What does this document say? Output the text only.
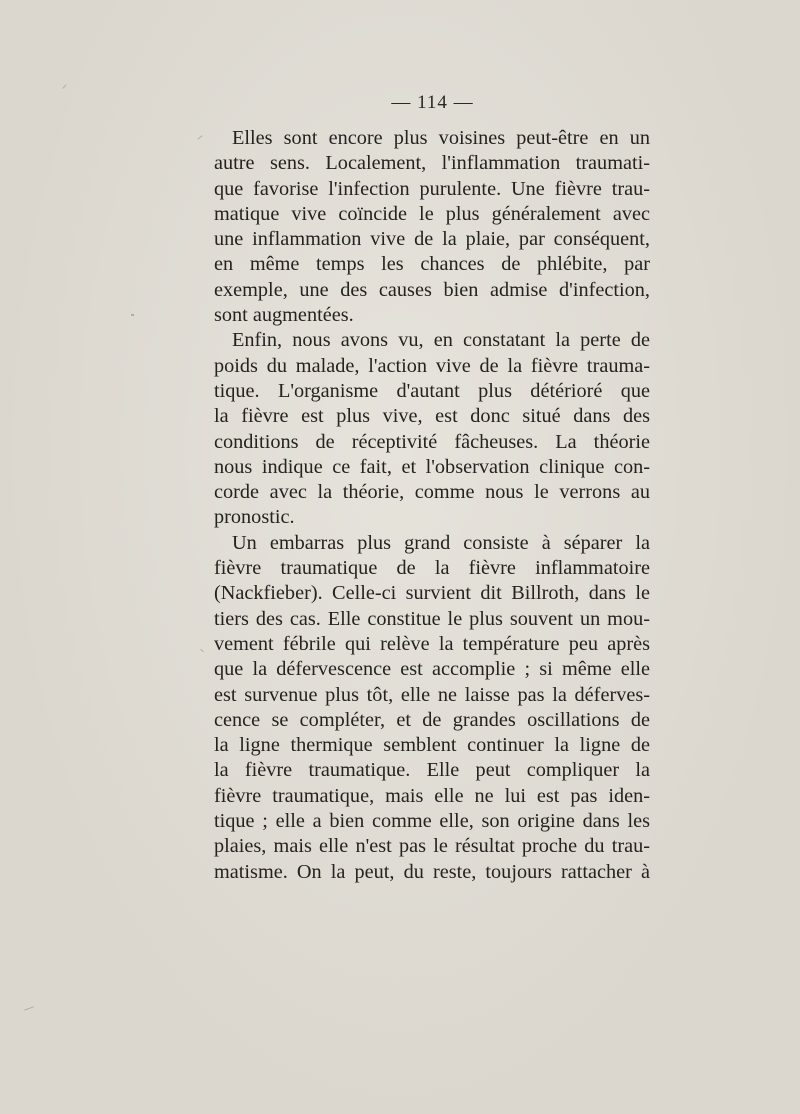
— 114 —

Elles sont encore plus voisines peut-être en un
autre sens. Localement, l'inflammation traumati-
que favorise l'infection purulente. Une fièvre trau-
matique vive coïncide le plus généralement avec
une inflammation vive de la plaie, par conséquent,
en même temps les chances de phlébite, par
exemple, une des causes bien admise d'infection,
sont augmentées.

Enfin, nous avons vu, en constatant la perte de
poids du malade, l'action vive de la fièvre trauma-
tique. L'organisme d'autant plus détérioré que
la fièvre est plus vive, est donc situé dans des
conditions de réceptivité fâcheuses. La théorie
nous indique ce fait, et l'observation clinique con-
corde avec la théorie, comme nous le verrons au
pronostic.

Un embarras plus grand consiste à séparer la
fièvre traumatique de la fièvre inflammatoire
(Nackfieber). Celle-ci survient dit Billroth, dans le
tiers des cas. Elle constitue le plus souvent un mou-
vement fébrile qui relève la température peu après
que la défervescence est accomplie ; si même elle
est survenue plus tôt, elle ne laisse pas la déferves-
cence se compléter, et de grandes oscillations de
la ligne thermique semblent continuer la ligne de
la fièvre traumatique. Elle peut compliquer la
fièvre traumatique, mais elle ne lui est pas iden-
tique ; elle a bien comme elle, son origine dans les
plaies, mais elle n'est pas le résultat proche du trau-
matisme. On la peut, du reste, toujours rattacher à
